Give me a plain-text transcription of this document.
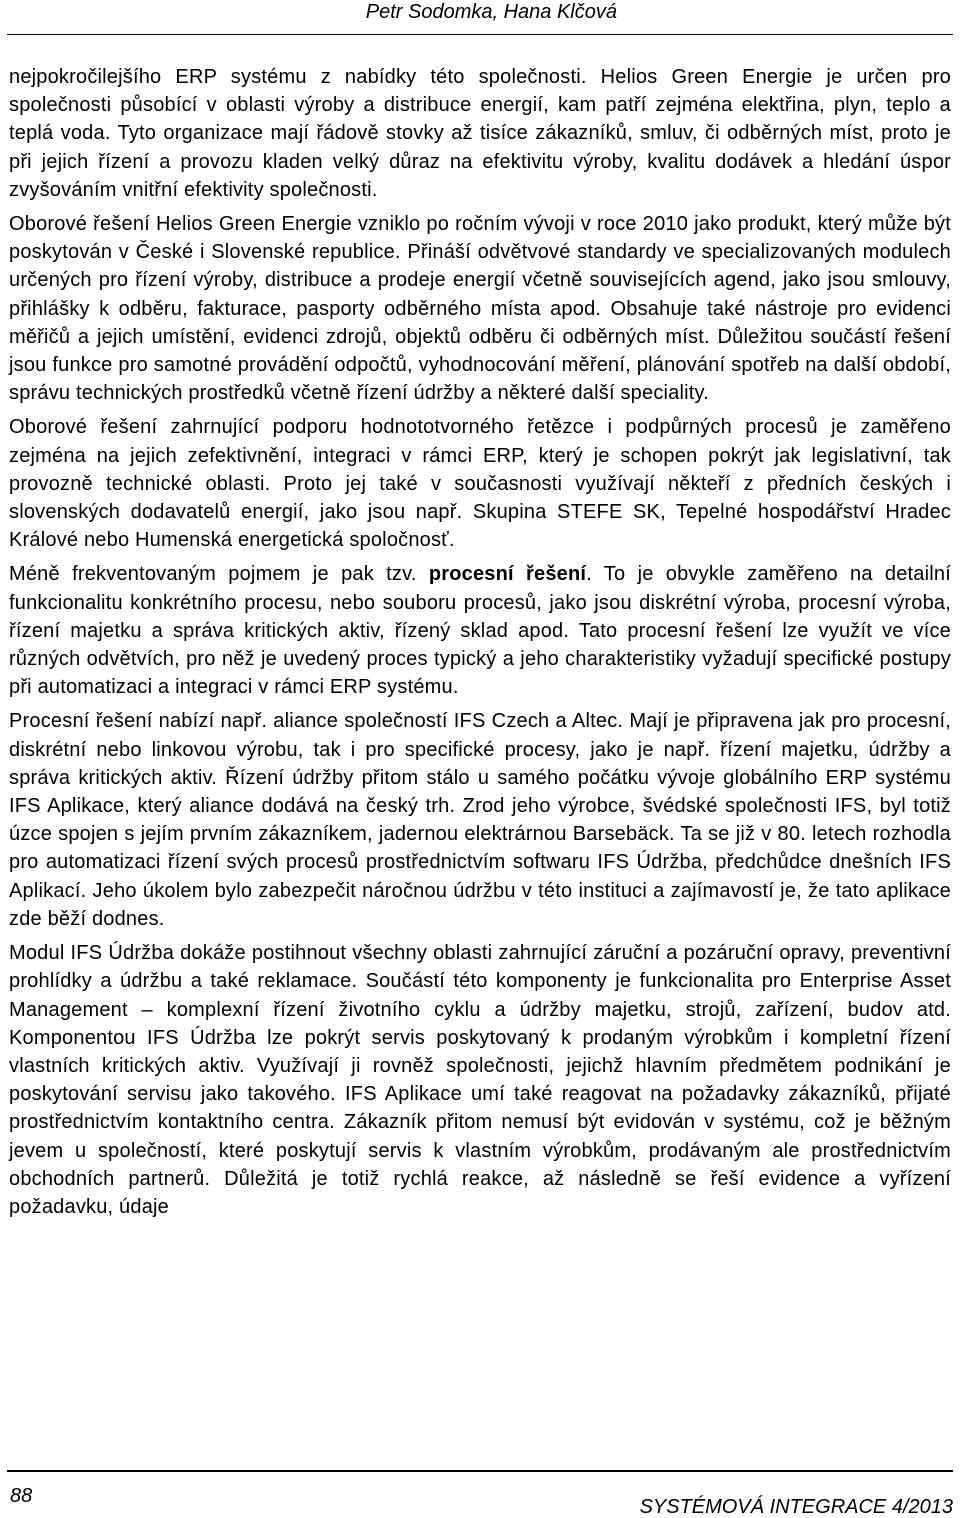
Petr Sodomka, Hana Klčová

nejpokročilejšího ERP systému z nabídky této společnosti. Helios Green Energie je určen pro společnosti působící v oblasti výroby a distribuce energií, kam patří zejména elektřina, plyn, teplo a teplá voda. Tyto organizace mají řádově stovky až tisíce zákazníků, smluv, či odběrných míst, proto je při jejich řízení a provozu kladen velký důraz na efektivitu výroby, kvalitu dodávek a hledání úspor zvyšováním vnitřní efektivity společnosti.

Oborové řešení Helios Green Energie vzniklo po ročním vývoji v roce 2010 jako produkt, který může být poskytován v České i Slovenské republice. Přináší odvětvové standardy ve specializovaných modulech určených pro řízení výroby, distribuce a prodeje energií včetně souvisejících agend, jako jsou smlouvy, přihlášky k odběru, fakturace, pasporty odběrného místa apod. Obsahuje také nástroje pro evidenci měřičů a jejich umístění, evidenci zdrojů, objektů odběru či odběrných míst. Důležitou součástí řešení jsou funkce pro samotné provádění odpočtů, vyhodnocování měření, plánování spotřeb na další období, správu technických prostředků včetně řízení údržby a některé další speciality.

Oborové řešení zahrnující podporu hodnototvorného řetězce i podpůrných procesů je zaměřeno zejména na jejich zefektivnění, integraci v rámci ERP, který je schopen pokrýt jak legislativní, tak provozně technické oblasti. Proto jej také v současnosti využívají někteří z předních českých i slovenských dodavatelů energií, jako jsou např. Skupina STEFE SK, Tepelné hospodářství Hradec Králové nebo Humenská energetická spoločnosť.

Méně frekventovaným pojmem je pak tzv. procesní řešení. To je obvykle zaměřeno na detailní funkcionalitu konkrétního procesu, nebo souboru procesů, jako jsou diskrétní výroba, procesní výroba, řízení majetku a správa kritických aktiv, řízený sklad apod. Tato procesní řešení lze využít ve více různých odvětvích, pro něž je uvedený proces typický a jeho charakteristiky vyžadují specifické postupy při automatizaci a integraci v rámci ERP systému.

Procesní řešení nabízí např. aliance společností IFS Czech a Altec. Mají je připravena jak pro procesní, diskrétní nebo linkovou výrobu, tak i pro specifické procesy, jako je např. řízení majetku, údržby a správa kritických aktiv. Řízení údržby přitom stálo u samého počátku vývoje globálního ERP systému IFS Aplikace, který aliance dodává na český trh. Zrod jeho výrobce, švédské společnosti IFS, byl totiž úzce spojen s jejím prvním zákazníkem, jadernou elektrárnou Barsebäck. Ta se již v 80. letech rozhodla pro automatizaci řízení svých procesů prostřednictvím softwaru IFS Údržba, předchůdce dnešních IFS Aplikací. Jeho úkolem bylo zabezpečit náročnou údržbu v této instituci a zajímavostí je, že tato aplikace zde běží dodnes.

Modul IFS Údržba dokáže postihnout všechny oblasti zahrnující záruční a pozáruční opravy, preventivní prohlídky a údržbu a také reklamace. Součástí této komponenty je funkcionalita pro Enterprise Asset Management – komplexní řízení životního cyklu a údržby majetku, strojů, zařízení, budov atd. Komponentou IFS Údržba lze pokrýt servis poskytovaný k prodaným výrobkům i kompletní řízení vlastních kritických aktiv. Využívají ji rovněž společnosti, jejichž hlavním předmětem podnikání je poskytování servisu jako takového. IFS Aplikace umí také reagovat na požadavky zákazníků, přijaté prostřednictvím kontaktního centra. Zákazník přitom nemusí být evidován v systému, což je běžným jevem u společností, které poskytují servis k vlastním výrobkům, prodávaným ale prostřednictvím obchodních partnerů. Důležitá je totiž rychlá reakce, až následně se řeší evidence a vyřízení požadavku, údaje

88	SYSTÉMOVÁ INTEGRACE 4/2013
